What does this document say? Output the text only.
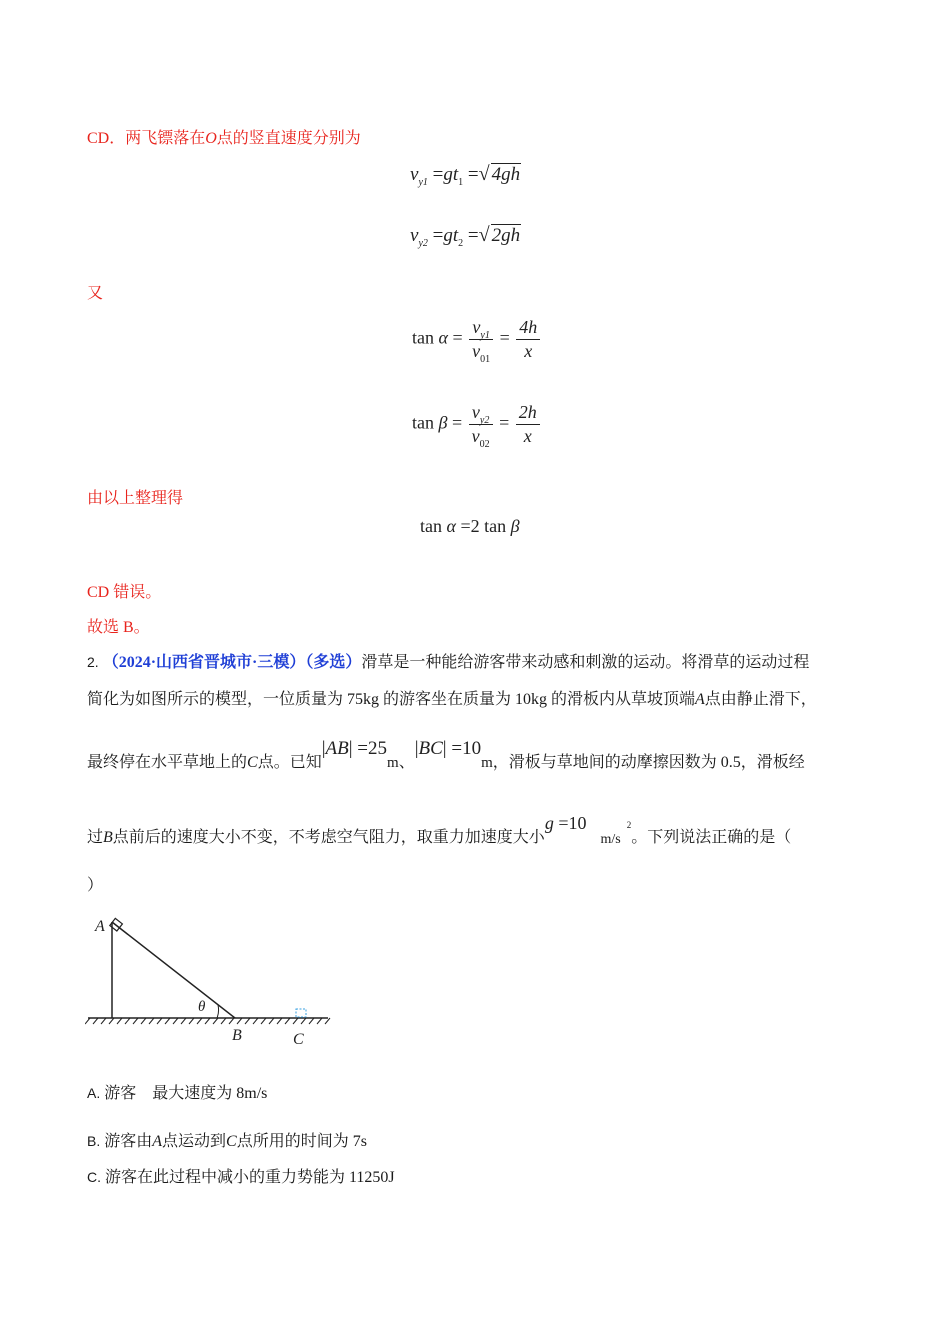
CD．两飞镖落在O点的竖直速度分别为
$v_{y1} =gt_1$ =√ 4gh
$v_{y2} =gt_2$ =√ 2gh
又
$\tan \alpha = \frac{v_{y1}}{v_{01}} = \frac{4h}{x}$
$\tan \beta = \frac{v_{y2}}{v_{02}} = \frac{2h}{x}$
由以上整理得
tan α =2 tan β
CD 错误。
故选 B。
2. （2024·山西省晋城市·三模）（多选）滑草是一种能给游客带来动感和刺激的运动。将滑草的运动过程
简化为如图所示的模型，一位质量为 75kg 的游客坐在质量为 10kg 的滑板内从草坡顶端A点由静止滑下，
最终停在水平草地上的C点。已知|AB| =25m、|BC| =10m，滑板与草地间的动摩擦因数为 0.5，滑板经
过B点前后的速度大小不变，不考虑空气阻力，取重力加速度大小g =10m/s2。下列说法正确的是（
）
A
θ
B	C
A. 游客 最大速度为 8m/s
B. 游客由A点运动到C点所用的时间为 7s
C. 游客在此过程中减小的重力势能为 11250J
